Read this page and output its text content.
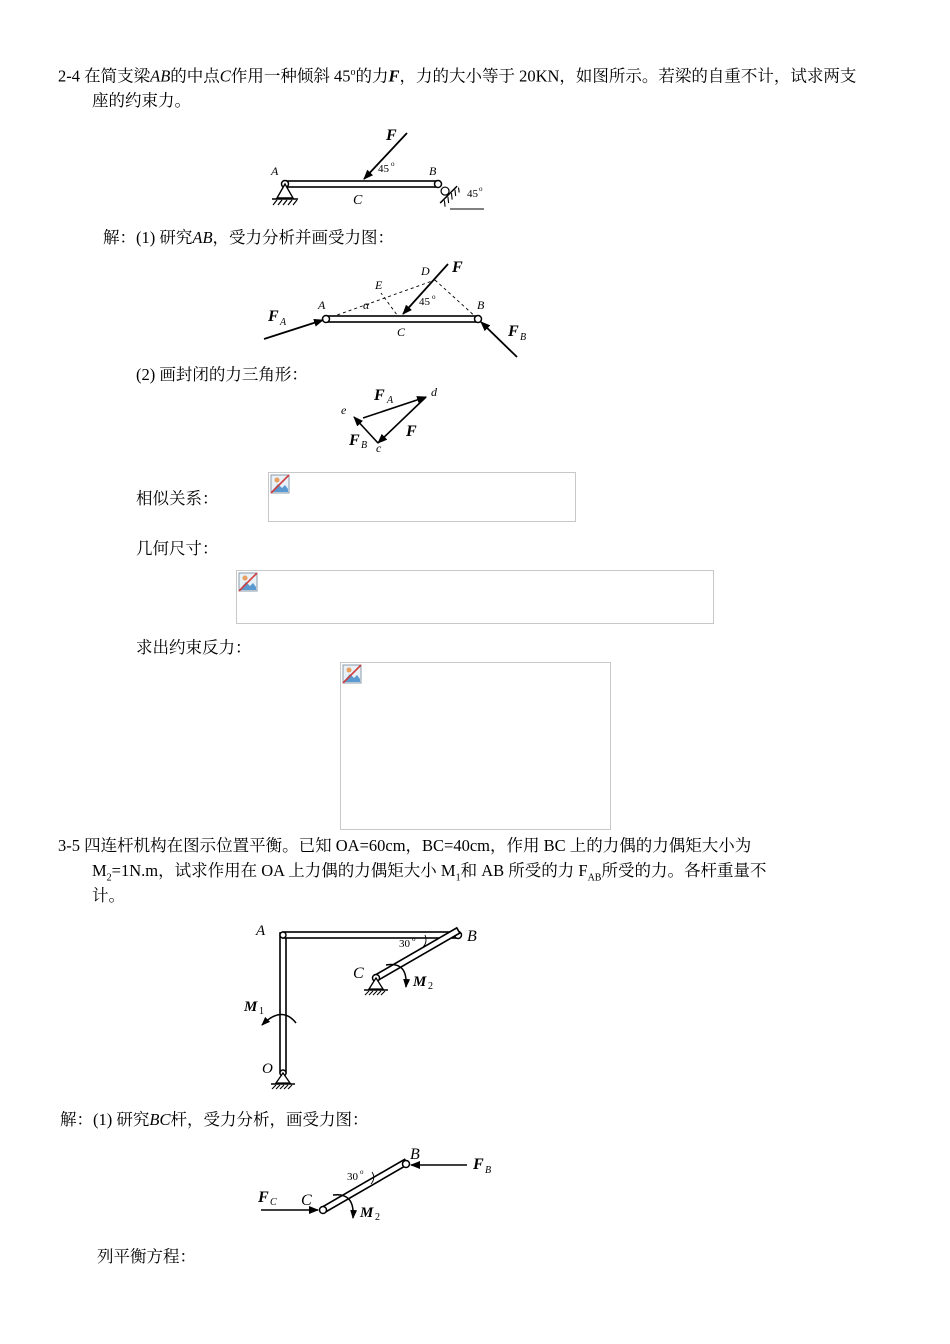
2-4 在简支梁AB的中点C作用一种倾斜 45$^o$的力F，力的大小等于 20KN，如图所示。若梁的自重不计，试求两支
座的约束力。
45 o
F
45 o
A	B
C
解：(1) 研究AB，受力分析并画受力图：
F
F A
F B
A	B
C
D
E
α	45 o
(2) 画封闭的力三角形：
F A
F B
F
d
e
c
相似关系：
几何尺寸：
求出约束反力：
3-5 四连杆机构在图示位置平衡。已知 OA=60cm，BC=40cm，作用 BC 上的力偶的力偶矩大小为
$M_2=1N.m$，试求作用在 OA 上力偶的力偶矩大小 $M_1$和 AB 所受的力 $F_{AB}$所受的力。各杆重量不
计。
30 o
M 2
M 1
A	B
C
O
解：(1) 研究BC杆，受力分析，画受力图：
F B
F C
30 o
M 2
B
C
列平衡方程：
